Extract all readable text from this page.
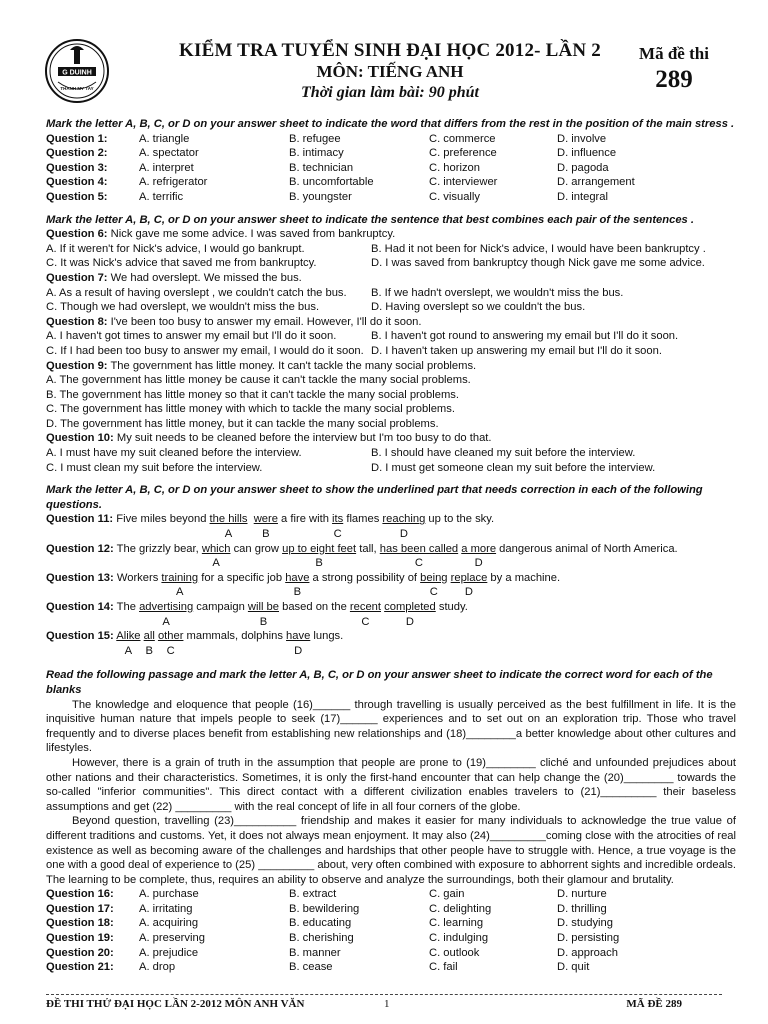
G DUINH
THANH MY TAY
KIỂM TRA TUYỂN SINH ĐẠI HỌC 2012- LẦN 2
MÔN: TIẾNG ANH
Thời gian làm bài: 90 phút
Mã đề thi
289
Mark the letter A, B, C, or D on your answer sheet to indicate the word that differs from the rest in the position of the main stress .
Question 1:	A. triangle	B. refugee	C. commerce	D. involve
Question 2:	A. spectator	B. intimacy	C. preference	D. influence
Question 3:	A. interpret	B. technician	C. horizon	D. pagoda
Question 4:	A. refrigerator	B. uncomfortable	C. interviewer	D. arrangement
Question 5:	A. terrific	B. youngster	C. visually	D. integral
Mark the letter A, B, C, or D on your answer sheet to indicate the sentence that best combines each pair of the sentences .
Question 6: Nick gave me some advice. I was saved from bankruptcy.
A. If it weren't for Nick's advice, I would go bankrupt.	B. Had it not been for Nick's advice, I would have been bankruptcy .
C. It was Nick's advice that saved me from bankruptcy.	D. I was saved from bankruptcy though Nick gave me some advice.
Question 7: We had overslept. We missed the bus.
A. As a result of having overslept , we couldn't catch the bus.	B. If we hadn't overslept, we wouldn't miss the bus.
C. Though we had overslept, we wouldn't miss the bus.	D. Having overslept so we couldn't the bus.
Question 8: I've been too busy to answer my email. However, I'll do it soon.
A. I haven't got times to answer my email but I'll do it soon.	B. I haven't got round to answering my email but I'll do it soon.
C. If I had been too busy to answer my email, I would do it soon. D. I haven't taken up answering my email but I'll do it soon.
Question 9: The government has little money. It can't tackle the many social problems.
A. The government has little money be cause it can't tackle the many social problems.
B. The government has little money so that it can't tackle the many social problems.
C. The government has little money with which to tackle the many social problems.
D. The government has little money, but it can tackle the many social problems.
Question 10: My suit needs to be cleaned before the interview but I'm too busy to do that.
A. I must have my suit cleaned before the interview.	B. I should have cleaned my suit before the interview.
C. I must clean my suit before the interview.	D. I must get someone clean my suit before the interview.
Mark the letter A, B, C, or D on your answer sheet to show the underlined part that needs correction in each of the following questions.
Question 11: Five miles beyond the hills were a fire with its flames reaching up to the sky.
A	B	C	D
Question 12: The grizzly bear, which can grow up to eight feet tall, has been called a more dangerous animal of North America.
A	B	C	D
Question 13: Workers training for a specific job have a strong possibility of being replace by a machine.
A	B	C D
Question 14: The advertising campaign will be based on the recent completed study.
A	B	C	D
Question 15: Alike all other mammals, dolphins have lungs.
A B C	D
Read the following passage and mark the letter A, B, C, or D on your answer sheet to indicate the correct word for each of the blanks
The knowledge and eloquence that people (16)______ through travelling is usually perceived as the best fulfillment in life. It is the inquisitive human nature that impels people to seek (17)______ experiences and to set out on an exploration trip. Those who travel frequently and to diverse places benefit from establishing new relationships and (18)________a better knowledge about other cultures and lifestyles.
However, there is a grain of truth in the assumption that people are prone to (19)________ cliché and unfounded prejudices about other nations and their characteristics. Sometimes, it is only the first-hand encounter that can help change the (20)________ towards the so-called "inferior communities". This direct contact with a different civilization enables travelers to (21)_________ their baseless assumptions and get (22) _________ with the real concept of life in all four corners of the globe.
Beyond question, travelling (23)__________ friendship and makes it easier for many individuals to acknowledge the true value of different traditions and customs. Yet, it does not always mean enjoyment. It may also (24)_________coming close with the atrocities of real existence as well as becoming aware of the challenges and hardships that other people have to struggle with. Hence, a true voyage is the one with a good deal of experience to (25) _________ about, very often combined with exposure to abhorrent sights and incredible ordeals. The learning to be complete, thus, requires an ability to observe and analyze the surroundings, both their glamour and brutality.
Question 16:	A. purchase	B. extract	C. gain	D. nurture
Question 17:	A. irritating	B. bewildering	C. delighting	D. thrilling
Question 18:	A. acquiring	B. educating	C. learning	D. studying
Question 19:	A. preserving	B. cherishing	C. indulging	D. persisting
Question 20:	A. prejudice	B. manner	C. outlook	D. approach
Question 21:	A. drop	B. cease	C. fail	D. quit
ĐỀ THI THỬ ĐẠI HỌC LẦN 2-2012 MÔN ANH VĂN	1	MÃ ĐỀ 289
